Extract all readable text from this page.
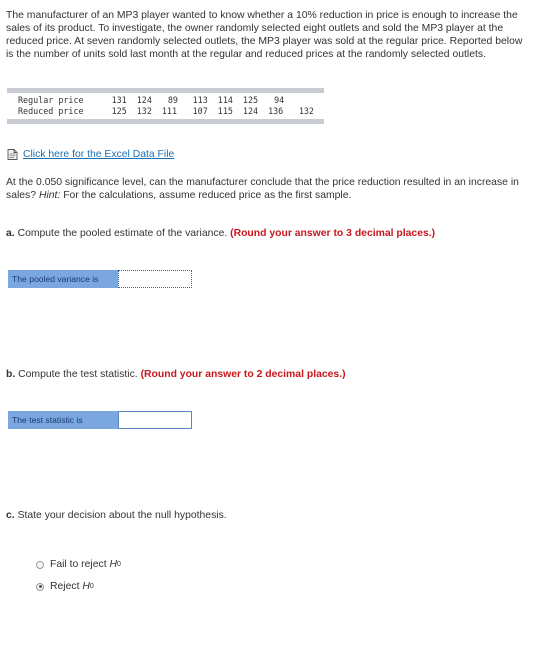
The manufacturer of an MP3 player wanted to know whether a 10% reduction in price is enough to increase the sales of its product. To investigate, the owner randomly selected eight outlets and sold the MP3 player at the reduced price. At seven randomly selected outlets, the MP3 player was sold at the regular price. Reported below is the number of units sold last month at the regular and reduced prices at the randomly selected outlets.

Regular price	131	124	89	113	114	125	94	
Reduced price	125	132	111	107	115	124	136	132
Click here for the Excel Data File

At the 0.050 significance level, can the manufacturer conclude that the price reduction resulted in an increase in sales? Hint: For the calculations, assume reduced price as the first sample.

a. Compute the pooled estimate of the variance. (Round your answer to 3 decimal places.)

The pooled variance is

b. Compute the test statistic. (Round your answer to 2 decimal places.)

The test statistic is

c. State your decision about the null hypothesis.

Fail to reject
H 0
Reject
H 0
